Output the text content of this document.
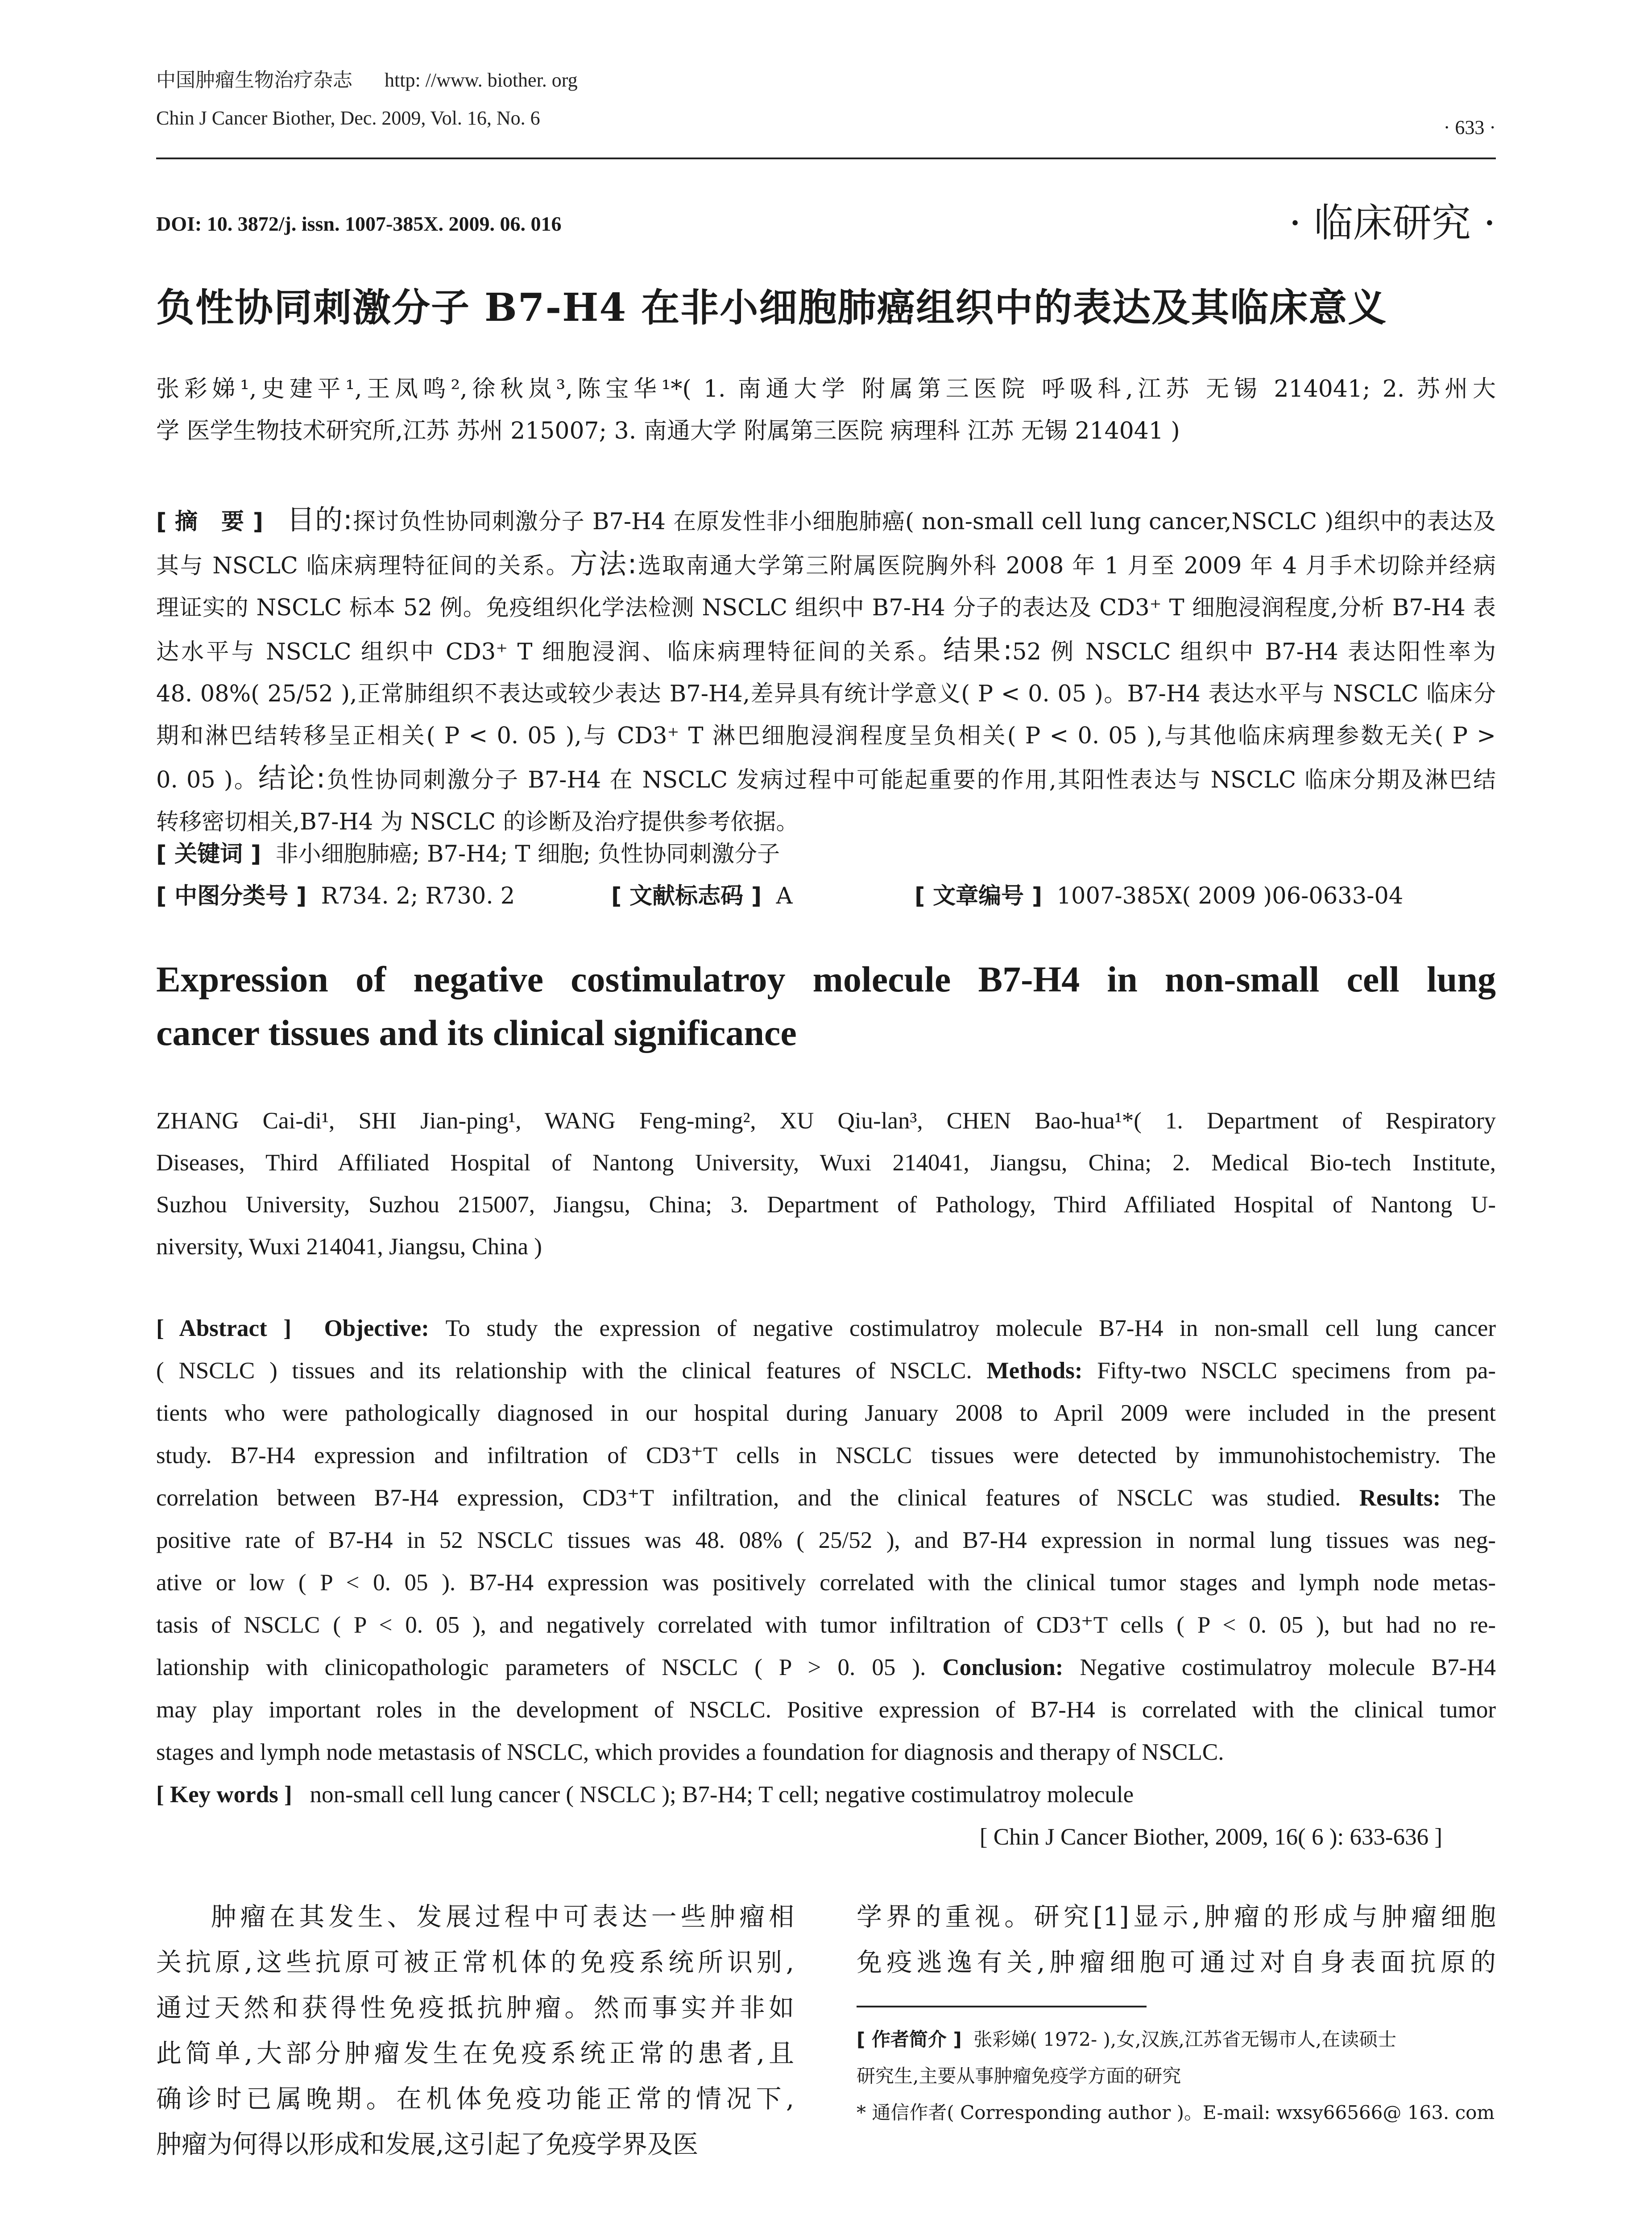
中国肿瘤生物治疗杂志 http: //www. biother. org
Chin J Cancer Biother, Dec. 2009, Vol. 16, No. 6	· 633 ·
DOI: 10. 3872/j. issn. 1007-385X. 2009. 06. 016	· 临床研究 ·
负性协同刺激分子 B7-H4 在非小细胞肺癌组织中的表达及其临床意义

张彩娣¹,史建平¹,王凤鸣²,徐秋岚³,陈宝华¹*( 1. 南通大学 附属第三医院 呼吸科,江苏 无锡 214041; 2. 苏州大

学 医学生物技术研究所,江苏 苏州 215007; 3. 南通大学 附属第三医院 病理科 江苏 无锡 214041 )

[ 摘　要 ]　 目的:探讨负性协同刺激分子 B7-H4 在原发性非小细胞肺癌( non-small cell lung cancer,NSCLC )组织中的表达及

其与 NSCLC 临床病理特征间的关系。方法:选取南通大学第三附属医院胸外科 2008 年 1 月至 2009 年 4 月手术切除并经病

理证实的 NSCLC 标本 52 例。免疫组织化学法检测 NSCLC 组织中 B7-H4 分子的表达及 CD3⁺ T 细胞浸润程度,分析 B7-H4 表

达水平与 NSCLC 组织中 CD3⁺ T 细胞浸润、临床病理特征间的关系。结果:52 例 NSCLC 组织中 B7-H4 表达阳性率为

48. 08%( 25/52 ),正常肺组织不表达或较少表达 B7-H4,差异具有统计学意义( P < 0. 05 )。B7-H4 表达水平与 NSCLC 临床分

期和淋巴结转移呈正相关( P < 0. 05 ),与 CD3⁺ T 淋巴细胞浸润程度呈负相关( P < 0. 05 ),与其他临床病理参数无关( P >

0. 05 )。结论:负性协同刺激分子 B7-H4 在 NSCLC 发病过程中可能起重要的作用,其阳性表达与 NSCLC 临床分期及淋巴结

转移密切相关,B7-H4 为 NSCLC 的诊断及治疗提供参考依据。

[ 关键词 ] 非小细胞肺癌; B7-H4; T 细胞; 负性协同刺激分子
[ 中图分类号 ] R734. 2; R730. 2	[ 文献标志码 ] A	[ 文章编号 ] 1007-385X( 2009 )06-0633-04

Expression of negative costimulatroy molecule B7-H4 in non-small cell lung

cancer tissues and its clinical significance

ZHANG Cai-di¹, SHI Jian-ping¹, WANG Feng-ming², XU Qiu-lan³, CHEN Bao-hua¹*( 1. Department of Respiratory

Diseases, Third Affiliated Hospital of Nantong University, Wuxi 214041, Jiangsu, China; 2. Medical Bio-tech Institute,

Suzhou University, Suzhou 215007, Jiangsu, China; 3. Department of Pathology, Third Affiliated Hospital of Nantong U-

niversity, Wuxi 214041, Jiangsu, China )

[ Abstract ] Objective: To study the expression of negative costimulatroy molecule B7-H4 in non-small cell lung cancer

( NSCLC ) tissues and its relationship with the clinical features of NSCLC. Methods: Fifty-two NSCLC specimens from pa-

tients who were pathologically diagnosed in our hospital during January 2008 to April 2009 were included in the present

study. B7-H4 expression and infiltration of CD3⁺T cells in NSCLC tissues were detected by immunohistochemistry. The

correlation between B7-H4 expression, CD3⁺T infiltration, and the clinical features of NSCLC was studied. Results: The

positive rate of B7-H4 in 52 NSCLC tissues was 48. 08% ( 25/52 ), and B7-H4 expression in normal lung tissues was neg-

ative or low ( P < 0. 05 ). B7-H4 expression was positively correlated with the clinical tumor stages and lymph node metas-

tasis of NSCLC ( P < 0. 05 ), and negatively correlated with tumor infiltration of CD3⁺T cells ( P < 0. 05 ), but had no re-

lationship with clinicopathologic parameters of NSCLC ( P > 0. 05 ). Conclusion: Negative costimulatroy molecule B7-H4

may play important roles in the development of NSCLC. Positive expression of B7-H4 is correlated with the clinical tumor

stages and lymph node metastasis of NSCLC, which provides a foundation for diagnosis and therapy of NSCLC.

[ Key words ] non-small cell lung cancer ( NSCLC ); B7-H4; T cell; negative costimulatroy molecule
[ Chin J Cancer Biother, 2009, 16( 6 ): 633-636 ]

肿瘤在其发生、发展过程中可表达一些肿瘤相

关抗原,这些抗原可被正常机体的免疫系统所识别,

通过天然和获得性免疫抵抗肿瘤。然而事实并非如

此简单,大部分肿瘤发生在免疫系统正常的患者,且

确诊时已属晚期。在机体免疫功能正常的情况下,

肿瘤为何得以形成和发展,这引起了免疫学界及医

学界的重视。研究[1]显示,肿瘤的形成与肿瘤细胞

免疫逃逸有关,肿瘤细胞可通过对自身表面抗原的

[ 作者简介 ] 张彩娣( 1972- ),女,汉族,江苏省无锡市人,在读硕士

研究生,主要从事肿瘤免疫学方面的研究

* 通信作者( Corresponding author )。E-mail: wxsy66566@ 163. com
